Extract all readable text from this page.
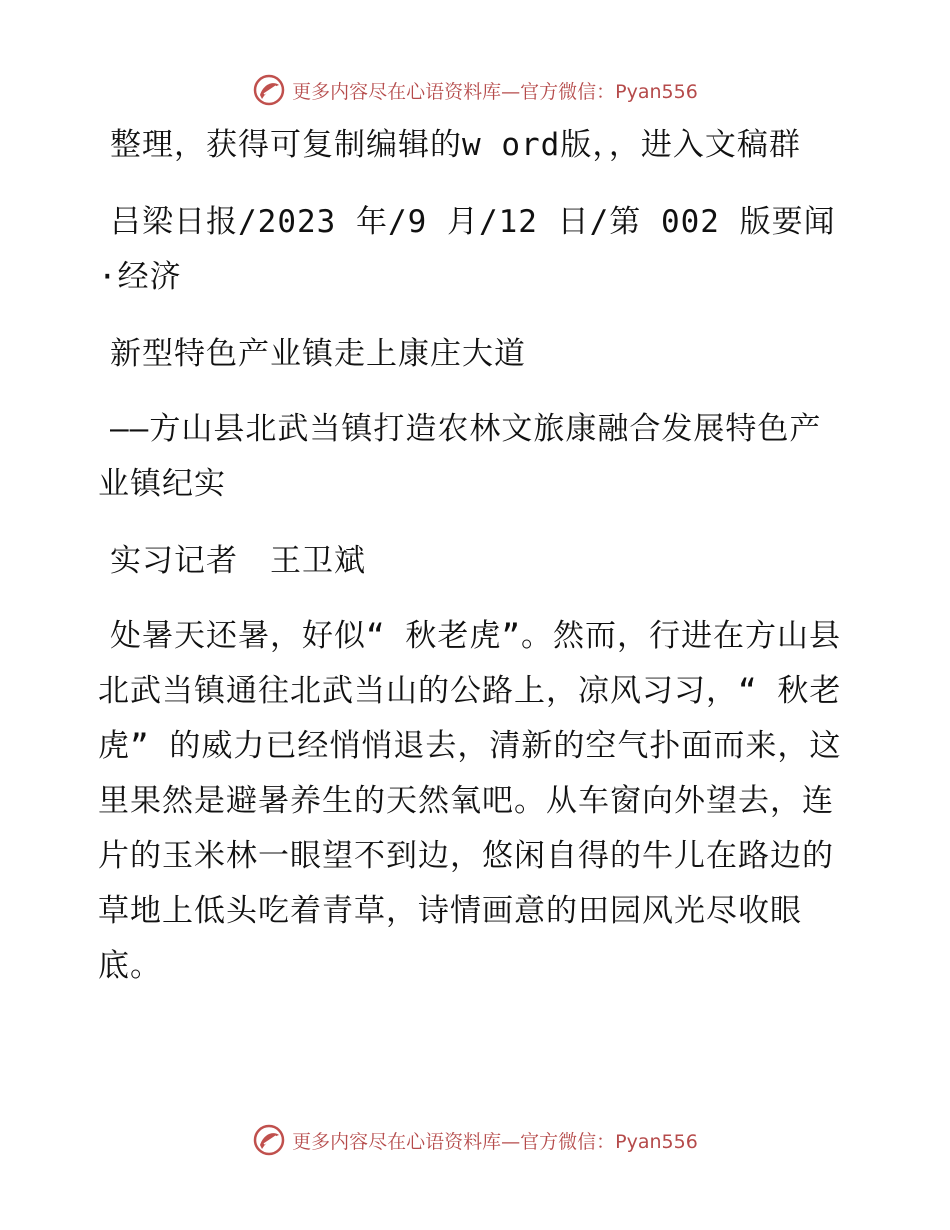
更多内容尽在心语资料库—官方微信：Pyan556

整理，获得可复制编辑的w ord版，，进入文稿群

吕梁日报/2023 年/9 月/12 日/第 002 版要闻·经济

新型特色产业镇走上康庄大道

——方山县北武当镇打造农林文旅康融合发展特色产业镇纪实

实习记者　王卫斌

处暑天还暑，好似“ 秋老虎”。然而，行进在方山县北武当镇通往北武当山的公路上，凉风习习，“ 秋老虎” 的威力已经悄悄退去，清新的空气扑面而来，这里果然是避暑养生的天然氧吧。从车窗向外望去，连片的玉米林一眼望不到边，悠闲自得的牛儿在路边的草地上低头吃着青草，诗情画意的田园风光尽收眼底。

更多内容尽在心语资料库—官方微信：Pyan556
